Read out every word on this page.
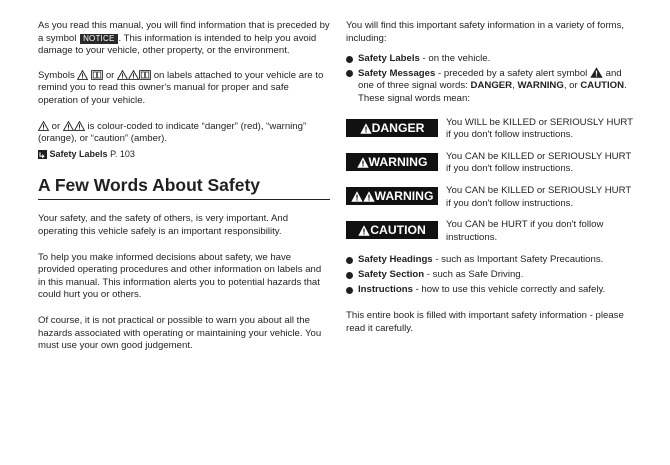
As you read this manual, you will find information that is preceded by a symbol NOTICE . This information is intended to help you avoid damage to your vehicle, other property, or the environment.

Symbols	or	on labels attached to your vehicle are to remind you to read this owner's manual for proper and safe operation of your vehicle.

or	is colour-coded to indicate “danger” (red), “warning” (orange), or “caution” (amber).

Safety Labels P. 103
A Few Words About Safety

Your safety, and the safety of others, is very important. And operating this vehicle safely is an important responsibility.

To help you make informed decisions about safety, we have provided operating procedures and other information on labels and in this manual. This information alerts you to potential hazards that could hurt you or others.

Of course, it is not practical or possible to warn you about all the hazards associated with operating or maintaining your vehicle. You must use your own good judgement.

You will find this important safety information in a variety of forms, including:

Safety Labels - on the vehicle.
Safety Messages - preceded by a safety alert symbol  and one of three signal words: DANGER, WARNING, or CAUTION. These signal words mean:
DANGER	You WILL be KILLED or SERIOUSLY HURT if you don't follow instructions.
WARNING	You CAN be KILLED or SERIOUSLY HURT if you don't follow instructions.
WARNING	You CAN be KILLED or SERIOUSLY HURT if you don't follow instructions.
CAUTION	You CAN be HURT if you don't follow instructions.
Safety Headings - such as Important Safety Precautions.
Safety Section - such as Safe Driving.
Instructions - how to use this vehicle correctly and safely.

This entire book is filled with important safety information - please read it carefully.
